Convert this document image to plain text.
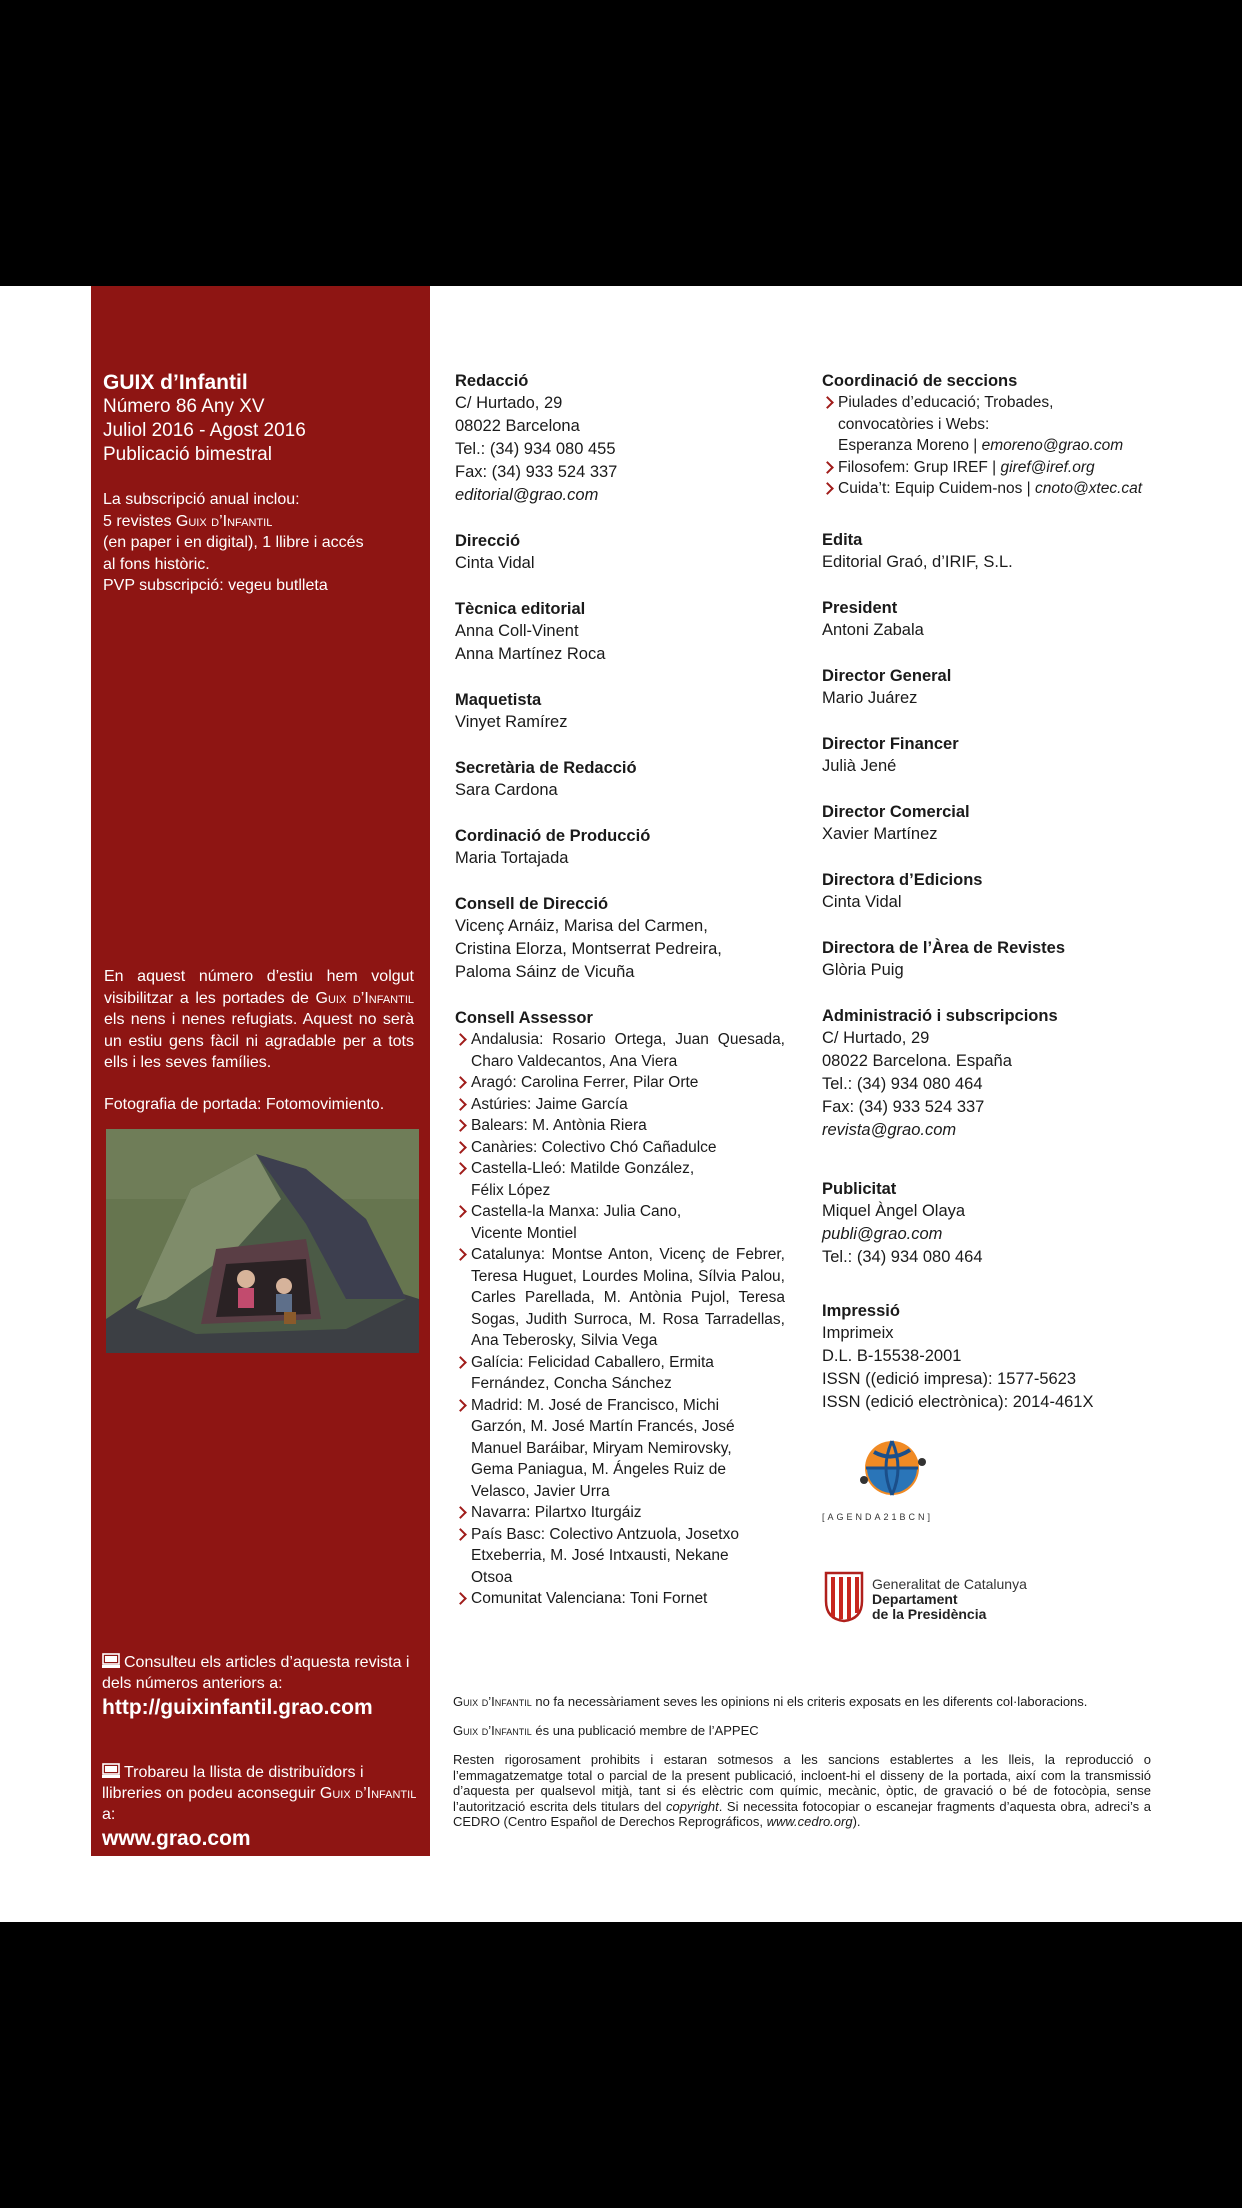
GUIX d’Infantil
Número 86 Any XV
Juliol 2016 - Agost 2016
Publicació bimestral
La subscripció anual inclou:
5 revistes Guix d’Infantil
(en paper i en digital), 1 llibre i accés
al fons històric.
PVP subscripció: vegeu butlleta
En aquest número d’estiu hem volgut visibilitzar a les portades de Guix d’Infantil els nens i nenes refugiats. Aquest no serà un estiu gens fàcil ni agradable per a tots ells i les seves famílies.
Fotografia de portada: Fotomovimiento.
Consulteu els articles d’aquesta revista i dels números anteriors a:
http://guixinfantil.grao.com
Trobareu la llista de distribuïdors i llibreries on podeu aconseguir Guix d’Infantil a:
www.grao.com
Redacció
C/ Hurtado, 29
08022 Barcelona
Tel.: (34) 934 080 455
Fax: (34) 933 524 337
editorial@grao.com
Direcció
Cinta Vidal
Tècnica editorial
Anna Coll-Vinent
Anna Martínez Roca
Maquetista
Vinyet Ramírez
Secretària de Redacció
Sara Cardona
Cordinació de Producció
Maria Tortajada
Consell de Direcció
Vicenç Arnáiz, Marisa del Carmen,
Cristina Elorza, Montserrat Pedreira,
Paloma Sáinz de Vicuña
Consell Assessor
Andalusia: Rosario Ortega, Juan Quesada, Charo Valdecantos, Ana Viera
Aragó: Carolina Ferrer, Pilar Orte
Astúries: Jaime García
Balears: M. Antònia Riera
Canàries: Colectivo Chó Cañadulce
Castella-Lleó: Matilde González, Félix López
Castella-la Manxa: Julia Cano, Vicente Montiel
Catalunya: Montse Anton, Vicenç de Febrer, Teresa Huguet, Lourdes Molina, Sílvia Palou, Carles Parellada, M. Antònia Pujol, Teresa Sogas, Judith Surroca, M. Rosa Tarradellas, Ana Teberosky, Silvia Vega
Galícia: Felicidad Caballero, Ermita Fernández, Concha Sánchez
Madrid: M. José de Francisco, Michi Garzón, M. José Martín Francés, José Manuel Baráibar, Miryam Nemirovsky, Gema Paniagua, M. Ángeles Ruiz de Velasco, Javier Urra
Navarra: Pilartxo Iturgáiz
País Basc: Colectivo Antzuola, Josetxo Etxeberria, M. José Intxausti, Nekane Otsoa
Comunitat Valenciana: Toni Fornet
Coordinació de seccions
Piulades d’educació; Trobades,
convocatòries i Webs:
Esperanza Moreno | emoreno@grao.com
Filosofem: Grup IREF | giref@iref.org
Cuida’t: Equip Cuidem-nos | cnoto@xtec.cat
Edita
Editorial Graó, d’IRIF, S.L.
President
Antoni Zabala
Director General
Mario Juárez
Director Financer
Julià Jené
Director Comercial
Xavier Martínez
Directora d’Edicions
Cinta Vidal
Directora de l’Àrea de Revistes
Glòria Puig
Administració i subscripcions
C/ Hurtado, 29
08022 Barcelona. España
Tel.: (34) 934 080 464
Fax: (34) 933 524 337
revista@grao.com
Publicitat
Miquel Àngel Olaya
publi@grao.com
Tel.: (34) 934 080 464
Impressió
Imprimeix
D.L. B-15538-2001
ISSN ((edició impresa): 1577-5623
ISSN (edició electrònica): 2014-461X
[AGENDA21BCN]
Generalitat de Catalunya
Departament
de la Presidència
Guix d’Infantil no fa necessàriament seves les opinions ni els criteris exposats en les diferents col·laboracions.
Guix d’Infantil és una publicació membre de l’APPEC
Resten rigorosament prohibits i estaran sotmesos a les sancions establertes a les lleis, la reproducció o l’emmagatzematge total o parcial de la present publicació, incloent-hi el disseny de la portada, així com la transmissió d’aquesta per qualsevol mitjà, tant si és elèctric com químic, mecànic, òptic, de gravació o bé de fotocòpia, sense l’autorització escrita dels titulars del copyright. Si necessita fotocopiar o escanejar fragments d’aquesta obra, adreci’s a CEDRO (Centro Español de Derechos Reprográficos, www.cedro.org).
